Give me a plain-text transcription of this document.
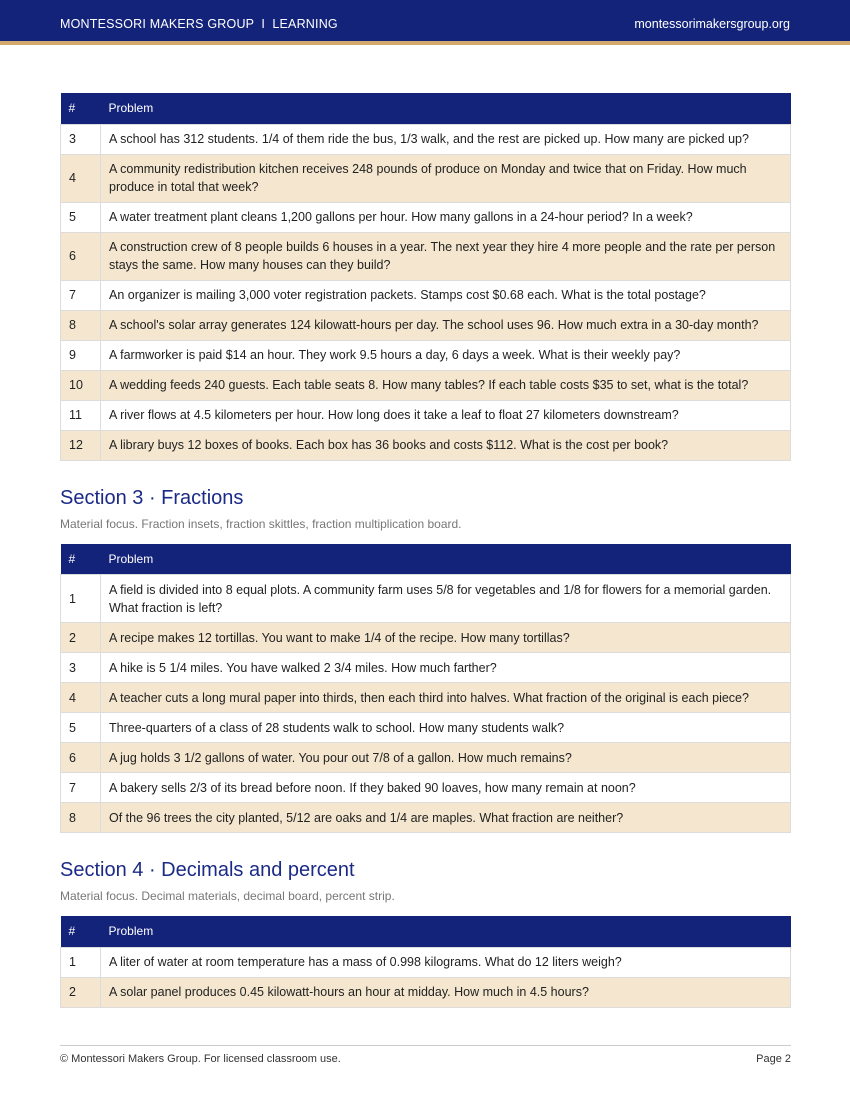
MONTESSORI MAKERS GROUP  I  LEARNING	montessorimakersgroup.org
#	Problem
3	A school has 312 students. 1/4 of them ride the bus, 1/3 walk, and the rest are picked up. How many are picked up?
4	A community redistribution kitchen receives 248 pounds of produce on Monday and twice that on Friday. How much produce in total that week?
5	A water treatment plant cleans 1,200 gallons per hour. How many gallons in a 24-hour period? In a week?
6	A construction crew of 8 people builds 6 houses in a year. The next year they hire 4 more people and the rate per person stays the same. How many houses can they build?
7	An organizer is mailing 3,000 voter registration packets. Stamps cost $0.68 each. What is the total postage?
8	A school's solar array generates 124 kilowatt-hours per day. The school uses 96. How much extra in a 30-day month?
9	A farmworker is paid $14 an hour. They work 9.5 hours a day, 6 days a week. What is their weekly pay?
10	A wedding feeds 240 guests. Each table seats 8. How many tables? If each table costs $35 to set, what is the total?
11	A river flows at 4.5 kilometers per hour. How long does it take a leaf to float 27 kilometers downstream?
12	A library buys 12 boxes of books. Each box has 36 books and costs $112. What is the cost per book?
Section 3 · Fractions

Material focus. Fraction insets, fraction skittles, fraction multiplication board.

#	Problem
1	A field is divided into 8 equal plots. A community farm uses 5/8 for vegetables and 1/8 for flowers for a memorial garden. What fraction is left?
2	A recipe makes 12 tortillas. You want to make 1/4 of the recipe. How many tortillas?
3	A hike is 5 1/4 miles. You have walked 2 3/4 miles. How much farther?
4	A teacher cuts a long mural paper into thirds, then each third into halves. What fraction of the original is each piece?
5	Three-quarters of a class of 28 students walk to school. How many students walk?
6	A jug holds 3 1/2 gallons of water. You pour out 7/8 of a gallon. How much remains?
7	A bakery sells 2/3 of its bread before noon. If they baked 90 loaves, how many remain at noon?
8	Of the 96 trees the city planted, 5/12 are oaks and 1/4 are maples. What fraction are neither?
Section 4 · Decimals and percent

Material focus. Decimal materials, decimal board, percent strip.

#	Problem
1	A liter of water at room temperature has a mass of 0.998 kilograms. What do 12 liters weigh?
2	A solar panel produces 0.45 kilowatt-hours an hour at midday. How much in 4.5 hours?
© Montessori Makers Group. For licensed classroom use.	Page 2
